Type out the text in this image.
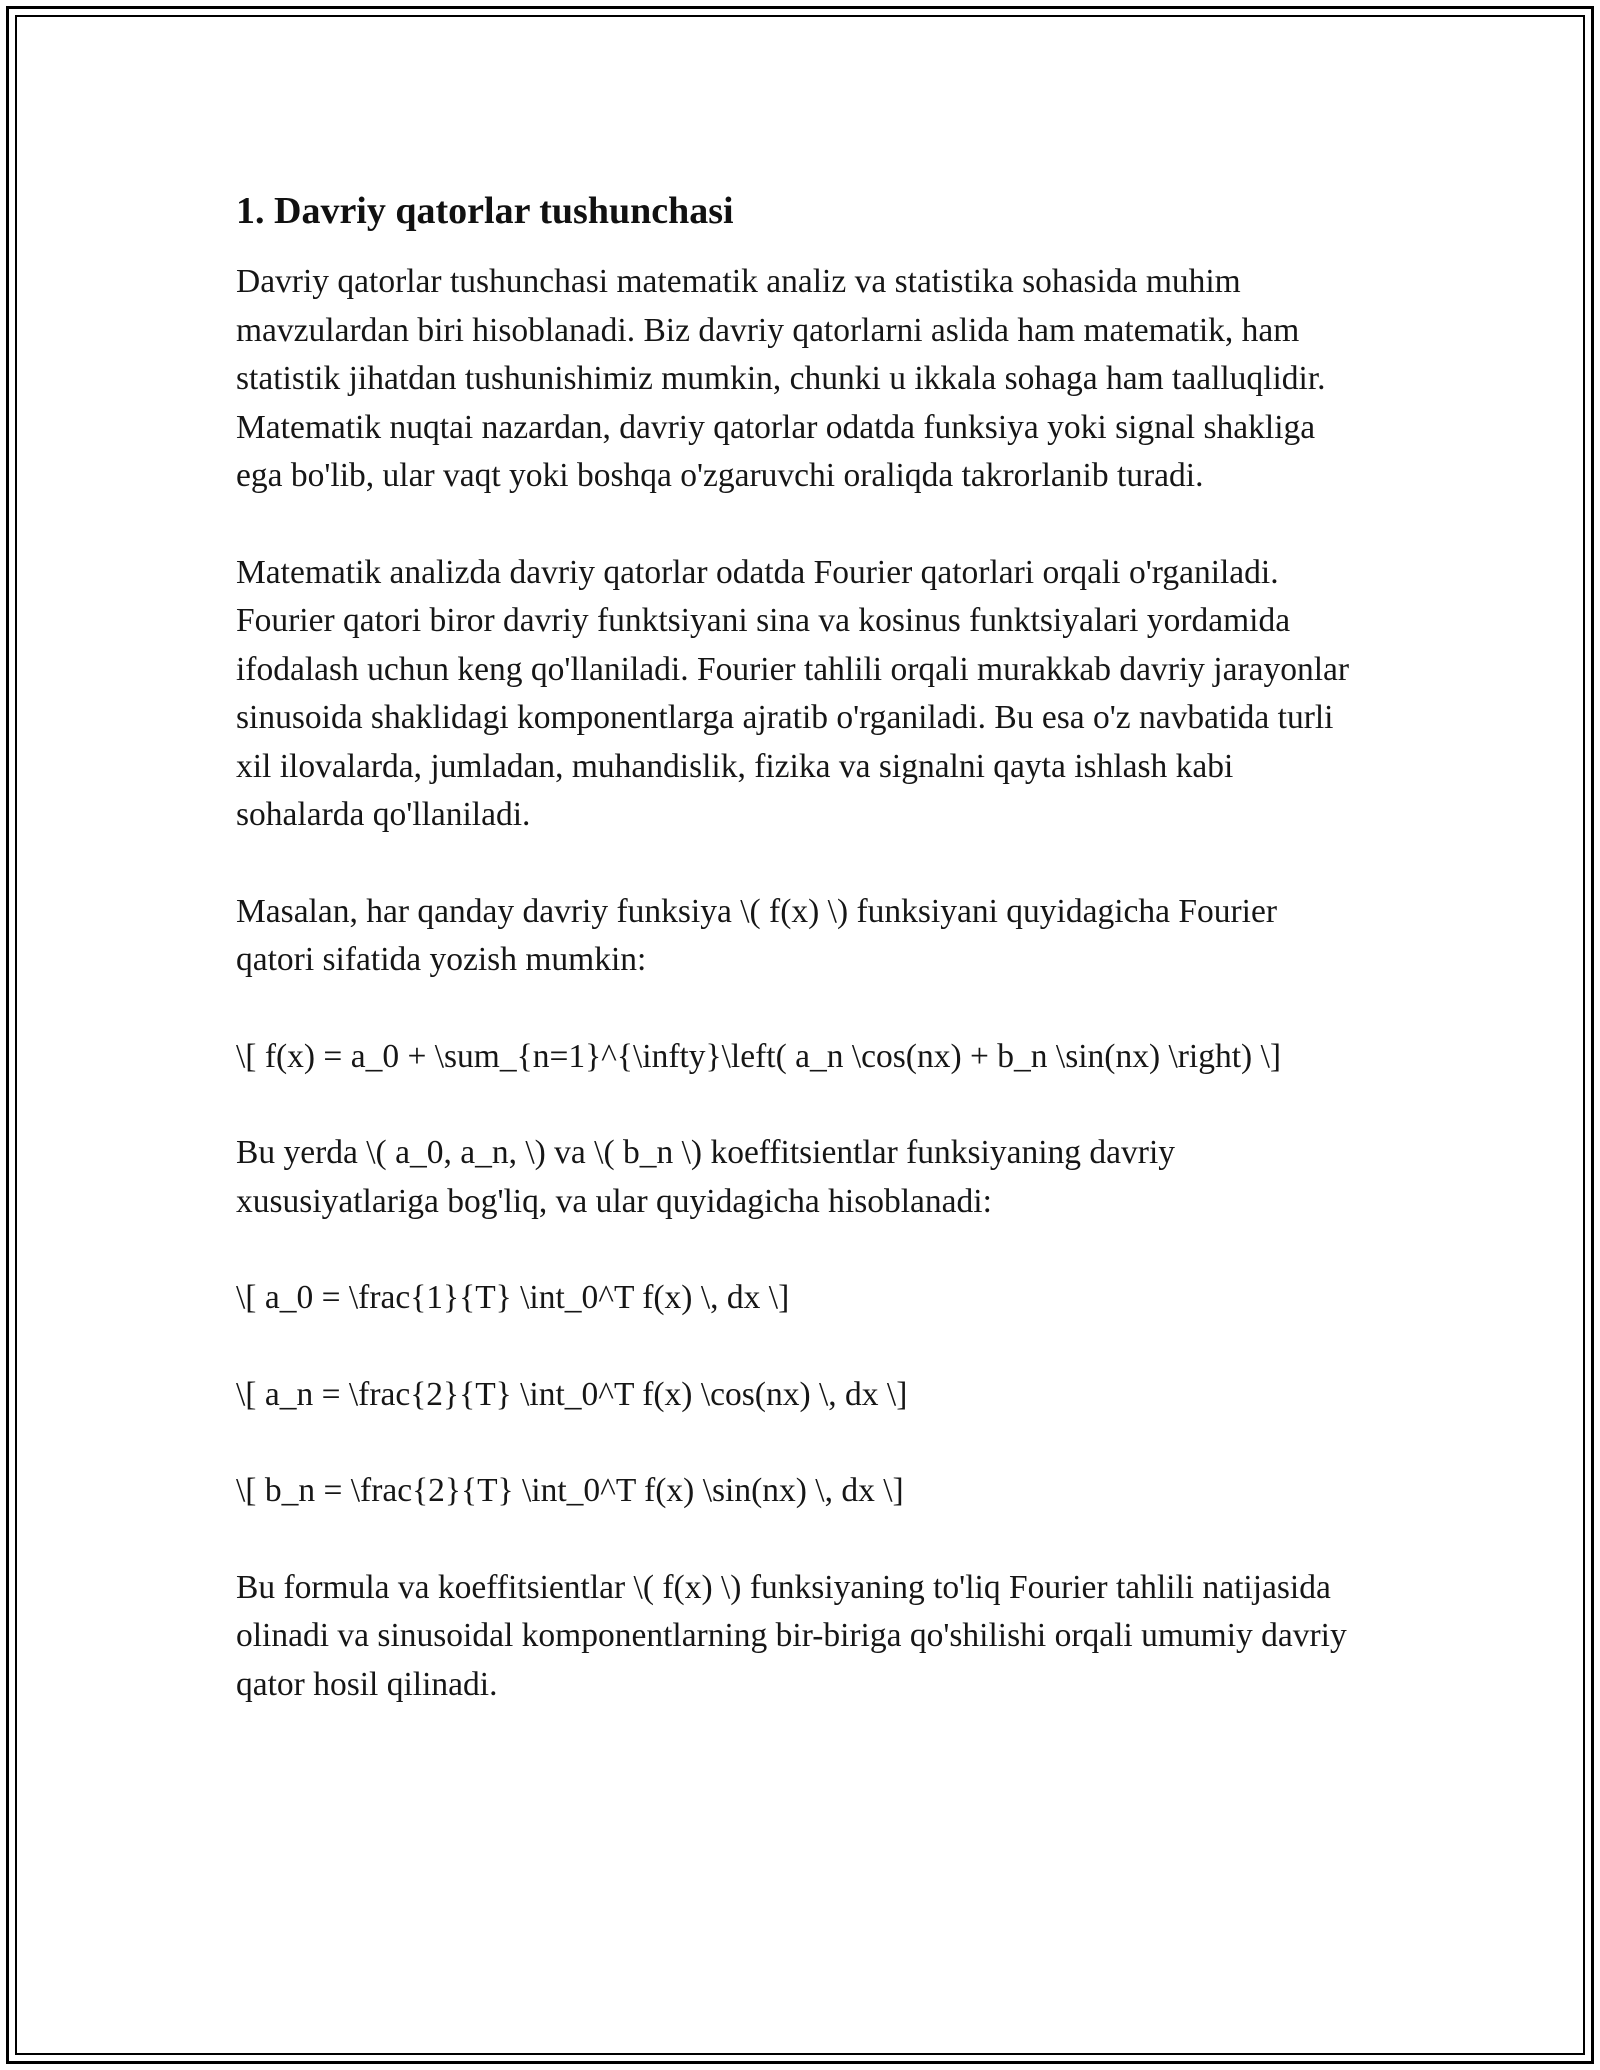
1. Davriy qatorlar tushunchasi

Davriy qatorlar tushunchasi matematik analiz va statistika sohasida muhim mavzulardan biri hisoblanadi. Biz davriy qatorlarni aslida ham matematik, ham statistik jihatdan tushunishimiz mumkin, chunki u ikkala sohaga ham taalluqlidir. Matematik nuqtai nazardan, davriy qatorlar odatda funksiya yoki signal shakliga ega bo'lib, ular vaqt yoki boshqa o'zgaruvchi oraliqda takrorlanib turadi.

Matematik analizda davriy qatorlar odatda Fourier qatorlari orqali o'rganiladi. Fourier qatori biror davriy funktsiyani sina va kosinus funktsiyalari yordamida ifodalash uchun keng qo'llaniladi. Fourier tahlili orqali murakkab davriy jarayonlar sinusoida shaklidagi komponentlarga ajratib o'rganiladi. Bu esa o'z navbatida turli xil ilovalarda, jumladan, muhandislik, fizika va signalni qayta ishlash kabi sohalarda qo'llaniladi.

Masalan, har qanday davriy funksiya \( f(x) \) funksiyani quyidagicha Fourier qatori sifatida yozish mumkin:

\[ f(x) = a_0 + \sum_{n=1}^{\infty}\left( a_n \cos(nx) + b_n \sin(nx) \right) \]

Bu yerda \( a_0, a_n, \) va \( b_n \) koeffitsientlar funksiyaning davriy xususiyatlariga bog'liq, va ular quyidagicha hisoblanadi:

\[ a_0 = \frac{1}{T} \int_0^T f(x) \, dx \]

\[ a_n = \frac{2}{T} \int_0^T f(x) \cos(nx) \, dx \]

\[ b_n = \frac{2}{T} \int_0^T f(x) \sin(nx) \, dx \]

Bu formula va koeffitsientlar \( f(x) \) funksiyaning to'liq Fourier tahlili natijasida olinadi va sinusoidal komponentlarning bir-biriga qo'shilishi orqali umumiy davriy qator hosil qilinadi.
